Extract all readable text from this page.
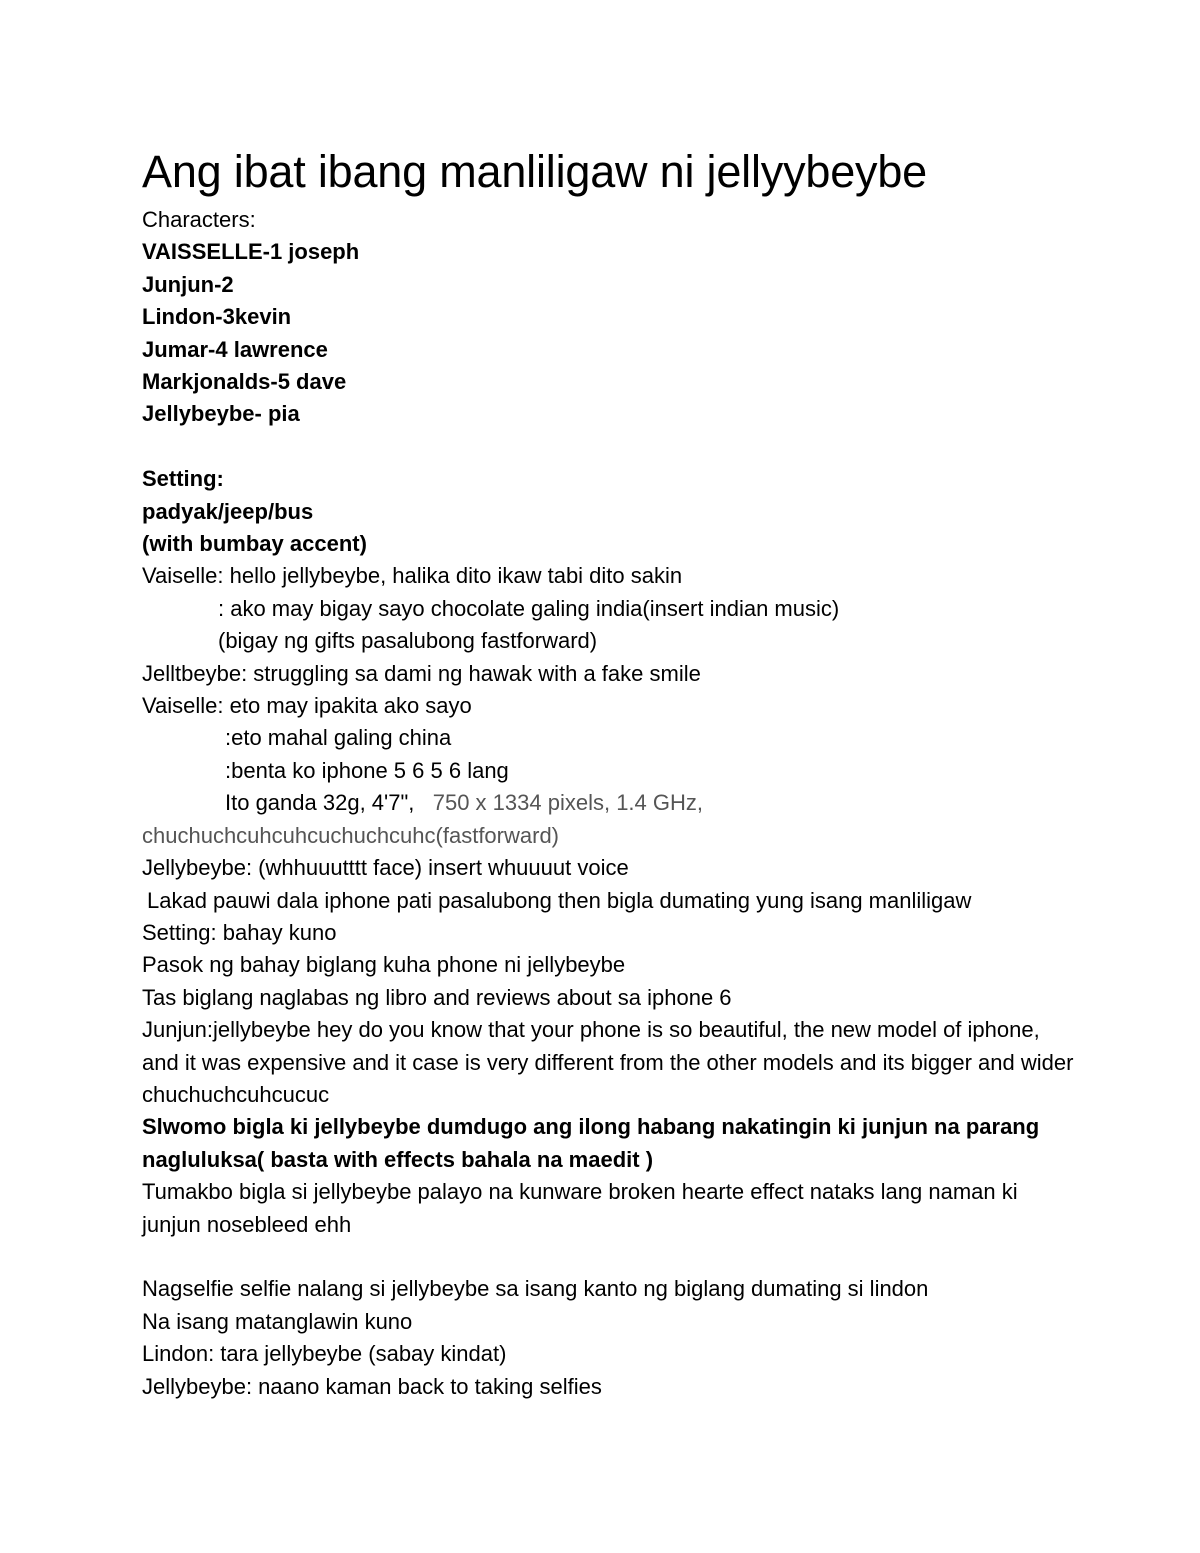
Ang ibat ibang manliligaw ni jellyybeybe
Characters:
VAISSELLE-1 joseph
Junjun-2
Lindon-3kevin
Jumar-4 lawrence
Markjonalds-5 dave
Jellybeybe- pia
Setting:
padyak/jeep/bus
(with bumbay accent)
Vaiselle: hello jellybeybe, halika dito ikaw tabi dito sakin
: ako may bigay sayo chocolate galing india(insert indian music)
(bigay ng gifts pasalubong fastforward)
Jelltbeybe: struggling sa dami ng hawak with a fake smile
Vaiselle: eto may ipakita ako sayo
:eto mahal galing china
:benta ko iphone 5 6 5 6 lang
Ito ganda 32g, 4'7", 750 x 1334 pixels, 1.4 GHz,
chuchuchcuhcuhcuchuchcuhc(fastforward)
Jellybeybe: (whhuuutttt face) insert whuuuut voice
Lakad pauwi dala iphone pati pasalubong then bigla dumating yung isang manliligaw
Setting: bahay kuno
Pasok ng bahay biglang kuha phone ni jellybeybe
Tas biglang naglabas ng libro and reviews about sa iphone 6
Junjun:jellybeybe hey do you know that your phone is so beautiful, the new model of iphone, and it was expensive and it case is very different from the other models and its bigger and wider chuchuchcuhcucuc
Slwomo bigla ki jellybeybe dumdugo ang ilong habang nakatingin ki junjun na parang nagluluksa( basta with effects bahala na maedit )
Tumakbo bigla si jellybeybe palayo na kunware broken hearte effect nataks lang naman ki junjun nosebleed ehh
Nagselfie selfie nalang si jellybeybe sa isang kanto ng biglang dumating si lindon
Na isang matanglawin kuno
Lindon: tara jellybeybe (sabay kindat)
Jellybeybe: naano kaman back to taking selfies
